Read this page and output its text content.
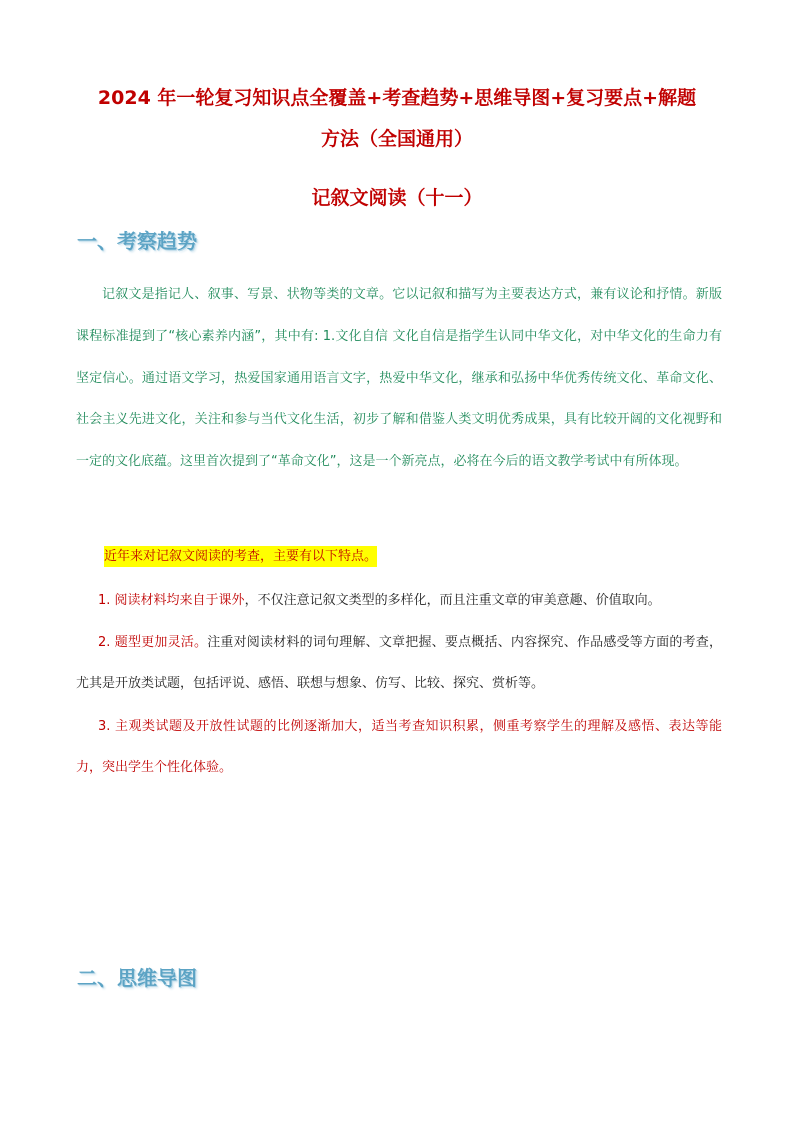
2024 年一轮复习知识点全覆盖+考查趋势+思维导图+复习要点+解题
方法（全国通用）
记叙文阅读（十一）
一、考察趋势

记叙文是指记人、叙事、写景、状物等类的文章。它以记叙和描写为主要表达方式，兼有议论和抒情。新版课程标准提到了“核心素养内涵”，其中有: 1.文化自信 文化自信是指学生认同中华文化，对中华文化的生命力有坚定信心。通过语文学习，热爱国家通用语言文字，热爱中华文化，继承和弘扬中华优秀传统文化、革命文化、社会主义先进文化，关注和参与当代文化生活，初步了解和借鉴人类文明优秀成果，具有比较开阔的文化视野和一定的文化底蕴。这里首次提到了“革命文化”，这是一个新亮点，必将在今后的语文教学考试中有所体现。

近年来对记叙文阅读的考查，主要有以下特点。

1. 阅读材料均来自于课外，不仅注意记叙文类型的多样化，而且注重文章的审美意趣、价值取向。

2. 题型更加灵活。注重对阅读材料的词句理解、文章把握、要点概括、内容探究、作品感受等方面的考查，尤其是开放类试题，包括评说、感悟、联想与想象、仿写、比较、探究、赏析等。

3. 主观类试题及开放性试题的比例逐渐加大，适当考查知识积累，侧重考察学生的理解及感悟、表达等能力，突出学生个性化体验。

二、思维导图
